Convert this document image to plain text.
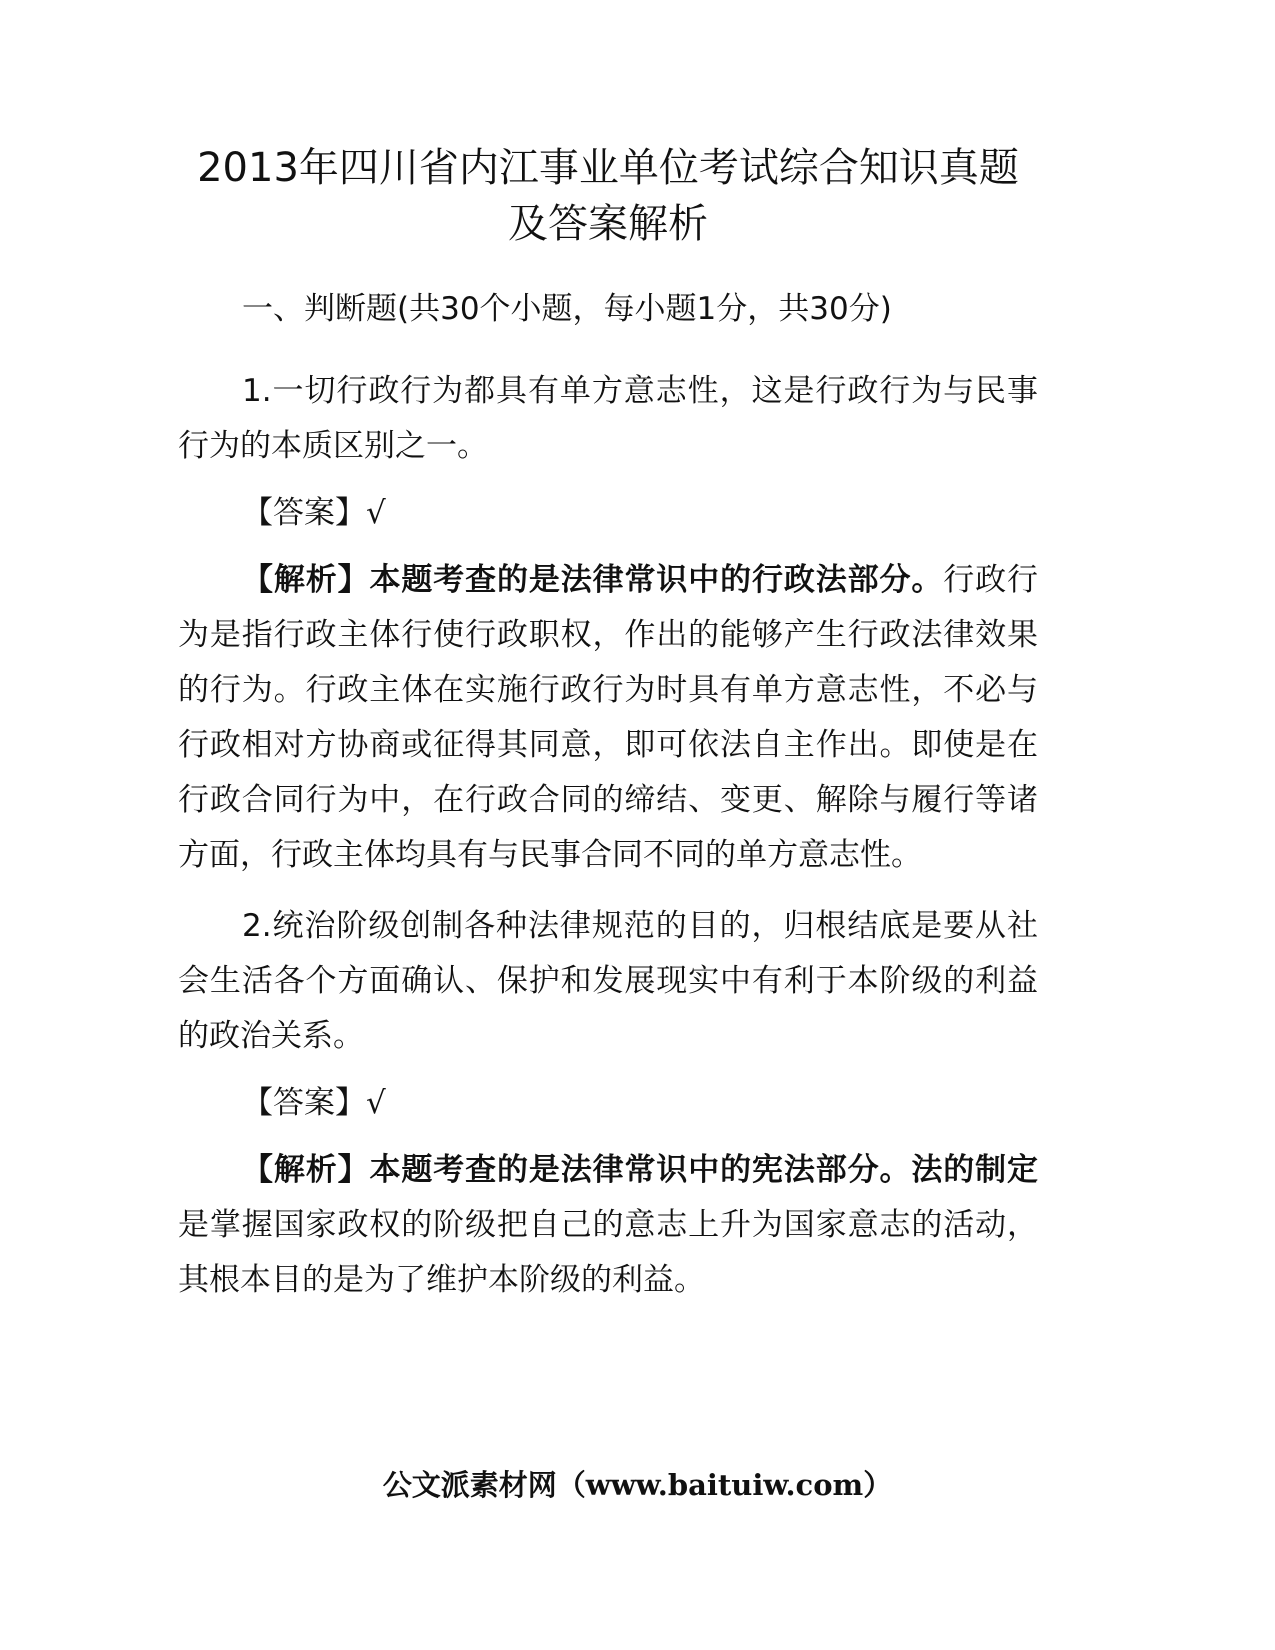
2013年四川省内江事业单位考试综合知识真题
及答案解析

一、判断题(共30个小题，每小题1分，共30分)

1.一切行政行为都具有单方意志性，这是行政行为与民事行为的本质区别之一。

【答案】√

【解析】本题考查的是法律常识中的行政法部分。行政行为是指行政主体行使行政职权，作出的能够产生行政法律效果的行为。行政主体在实施行政行为时具有单方意志性，不必与行政相对方协商或征得其同意，即可依法自主作出。即使是在行政合同行为中，在行政合同的缔结、变更、解除与履行等诸方面，行政主体均具有与民事合同不同的单方意志性。

2.统治阶级创制各种法律规范的目的，归根结底是要从社会生活各个方面确认、保护和发展现实中有利于本阶级的利益的政治关系。

【答案】√

【解析】本题考查的是法律常识中的宪法部分。法的制定是掌握国家政权的阶级把自己的意志上升为国家意志的活动，其根本目的是为了维护本阶级的利益。

公文派素材网（www.baituiw.com）
